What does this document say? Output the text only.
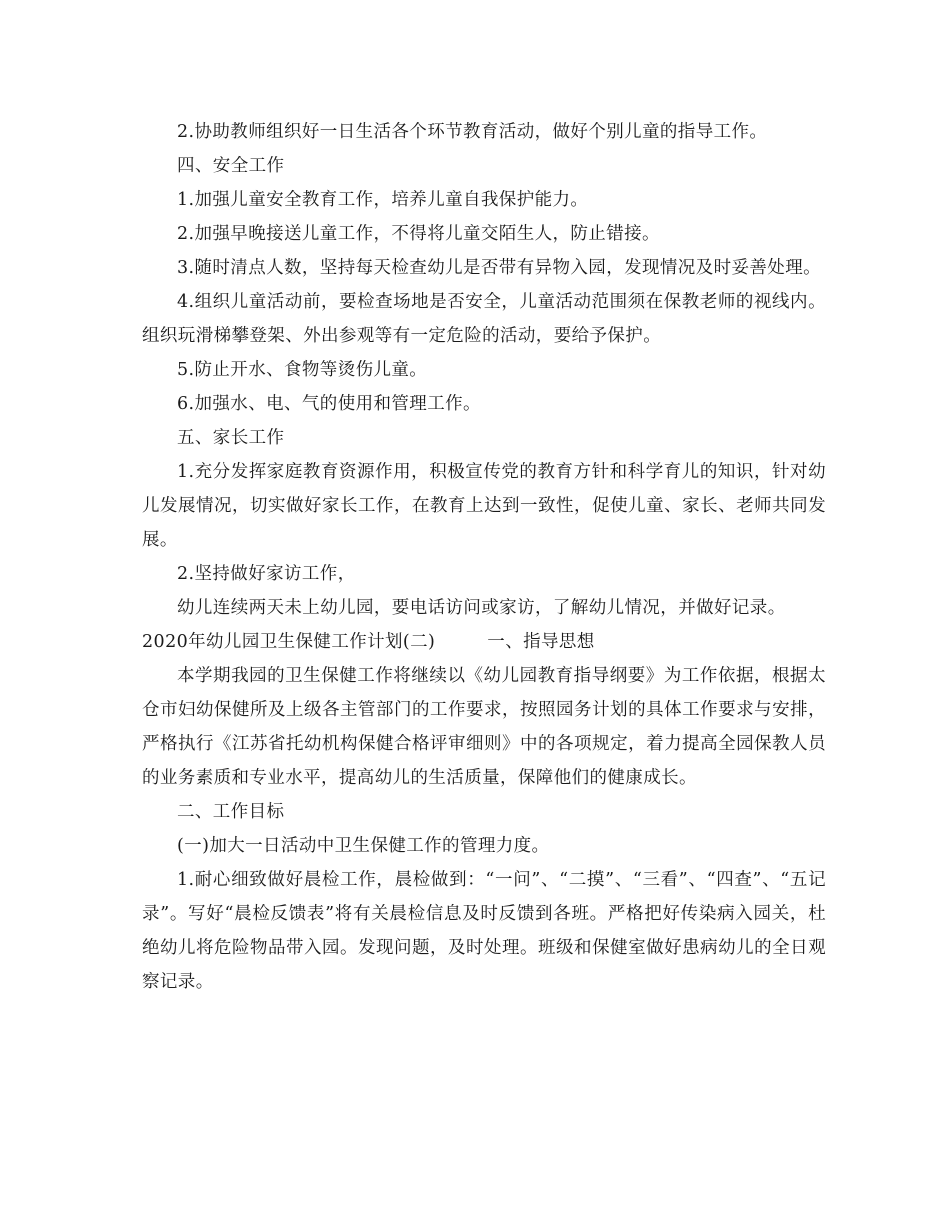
2.协助教师组织好一日生活各个环节教育活动，做好个别儿童的指导工作。

四、安全工作

1.加强儿童安全教育工作，培养儿童自我保护能力。

2.加强早晚接送儿童工作，不得将儿童交陌生人，防止错接。

3.随时清点人数，坚持每天检查幼儿是否带有异物入园，发现情况及时妥善处理。

4.组织儿童活动前，要检查场地是否安全，儿童活动范围须在保教老师的视线内。组织玩滑梯攀登架、外出参观等有一定危险的活动，要给予保护。

5.防止开水、食物等烫伤儿童。

6.加强水、电、气的使用和管理工作。

五、家长工作

1.充分发挥家庭教育资源作用，积极宣传党的教育方针和科学育儿的知识，针对幼儿发展情况，切实做好家长工作，在教育上达到一致性，促使儿童、家长、老师共同发展。

2.坚持做好家访工作，

幼儿连续两天未上幼儿园，要电话访问或家访，了解幼儿情况，并做好记录。

2020年幼儿园卫生保健工作计划(二)	一、指导思想

本学期我园的卫生保健工作将继续以《幼儿园教育指导纲要》为工作依据，根据太仓市妇幼保健所及上级各主管部门的工作要求，按照园务计划的具体工作要求与安排，严格执行《江苏省托幼机构保健合格评审细则》中的各项规定，着力提高全园保教人员的业务素质和专业水平，提高幼儿的生活质量，保障他们的健康成长。

二、工作目标

(一)加大一日活动中卫生保健工作的管理力度。

1.耐心细致做好晨检工作，晨检做到：“一问”、“二摸”、“三看”、“四查”、“五记录”。写好“晨检反馈表”将有关晨检信息及时反馈到各班。严格把好传染病入园关，杜绝幼儿将危险物品带入园。发现问题，及时处理。班级和保健室做好患病幼儿的全日观察记录。
